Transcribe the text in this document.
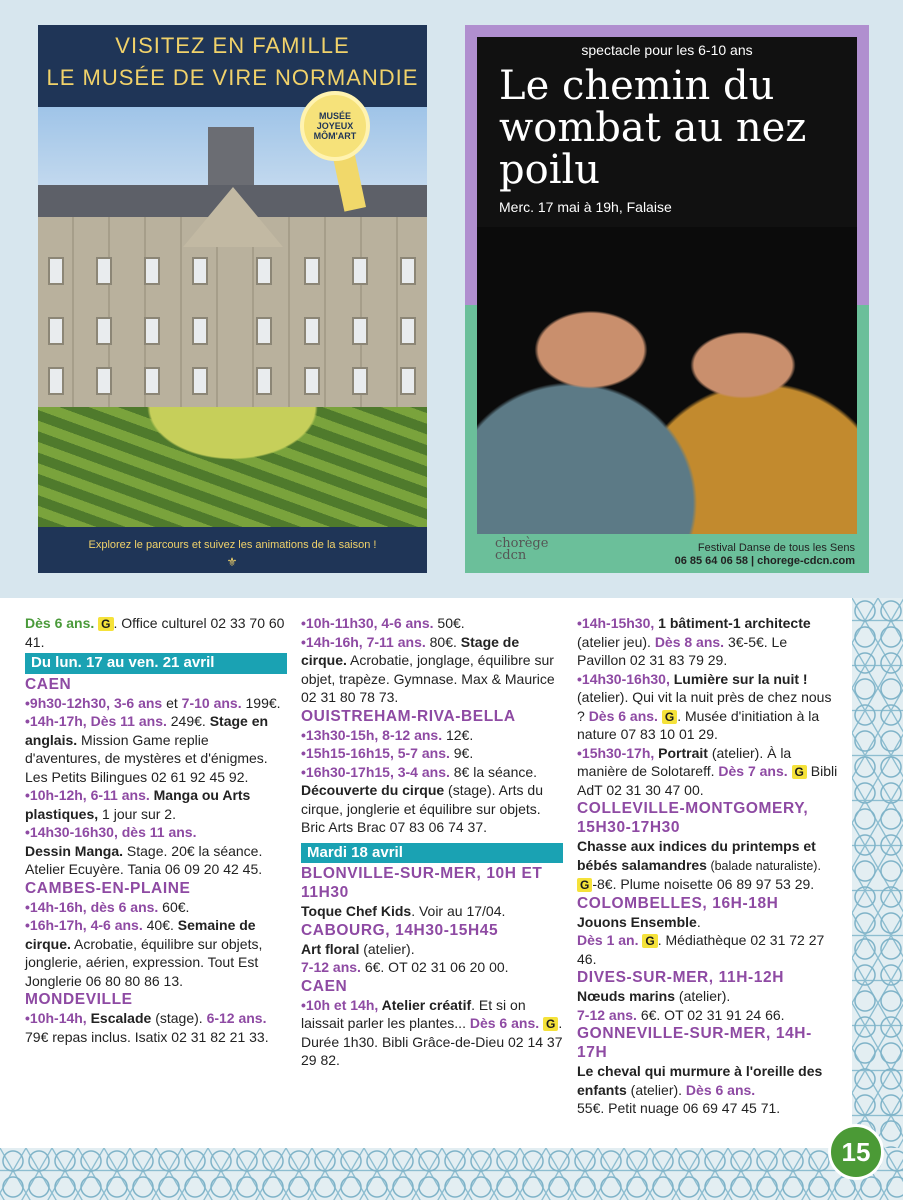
VISITEZ EN FAMILLE
LE MUSÉE DE VIRE NORMANDIE
MUSÉE JOYEUX MÔM'ART
Explorez le parcours et suivez les animations de la saison !
⚜
spectacle pour les 6-10 ans
Le chemin du wombat au nez poilu
Merc. 17 mai à 19h, Falaise
chorège
cdcn	Festival Danse de tous les Sens
06 85 64 06 58 | chorege-cdcn.com
Dès 6 ans. G . Office culturel 02 33 70 60 41.
Du lun. 17 au ven. 21 avril
CAEN
•9h30-12h30, 3-6 ans et 7-10 ans. 199€. •14h-17h, Dès 11 ans. 249€. Stage en anglais. Mission Game replie d'aventures, de mystères et d'énigmes. Les Petits Bilingues 02 61 92 45 92.
•10h-12h, 6-11 ans. Manga ou Arts plastiques, 1 jour sur 2.
•14h30-16h30, dès 11 ans.
Dessin Manga. Stage. 20€ la séance. Atelier Ecuyère. Tania 06 09 20 42 45.
CAMBES-EN-PLAINE
•14h-16h, dès 6 ans. 60€.
•16h-17h, 4-6 ans. 40€. Semaine de cirque. Acrobatie, équilibre sur objets, jonglerie, aérien, expression. Tout Est Jonglerie 06 80 80 86 13.
MONDEVILLE
•10h-14h, Escalade (stage). 6-12 ans. 79€ repas inclus. Isatix 02 31 82 21 33.
•10h-11h30, 4-6 ans. 50€.
•14h-16h, 7-11 ans. 80€. Stage de cirque. Acrobatie, jonglage, équilibre sur objet, trapèze. Gymnase. Max & Maurice 02 31 80 78 73.
OUISTREHAM-RIVA-BELLA
•13h30-15h, 8-12 ans. 12€.
•15h15-16h15, 5-7 ans. 9€.
•16h30-17h15, 3-4 ans. 8€ la séance. Découverte du cirque (stage). Arts du cirque, jonglerie et équilibre sur objets. Bric Arts Brac 07 83 06 74 37.
Mardi 18 avril
BLONVILLE-SUR-MER, 10H ET 11H30
Toque Chef Kids. Voir au 17/04.
CABOURG, 14H30-15H45
Art floral (atelier).
7-12 ans. 6€. OT 02 31 06 20 00.
CAEN
•10h et 14h, Atelier créatif. Et si on laissait parler les plantes... Dès 6 ans. G . Durée 1h30. Bibli Grâce-de-Dieu 02 14 37 29 82.
•14h-15h30, 1 bâtiment-1 architecte (atelier jeu). Dès 8 ans. 3€-5€. Le Pavillon 02 31 83 79 29.
•14h30-16h30, Lumière sur la nuit ! (atelier). Qui vit la nuit près de chez nous ? Dès 6 ans. G . Musée d'initiation à la nature 07 83 10 01 29.
•15h30-17h, Portrait (atelier). À la manière de Solotareff. Dès 7 ans. G Bibli AdT 02 31 30 47 00.
COLLEVILLE-MONTGOMERY, 15H30-17H30
Chasse aux indices du printemps et bébés salamandres (balade naturaliste).
G -8€. Plume noisette 06 89 97 53 29.
COLOMBELLES, 16H-18H
Jouons Ensemble.
Dès 1 an. G . Médiathèque 02 31 72 27 46.
DIVES-SUR-MER, 11H-12H
Nœuds marins (atelier).
7-12 ans. 6€. OT 02 31 91 24 66.
GONNEVILLE-SUR-MER, 14H-17H
Le cheval qui murmure à l'oreille des enfants (atelier). Dès 6 ans.
55€. Petit nuage 06 69 47 45 71.
15
